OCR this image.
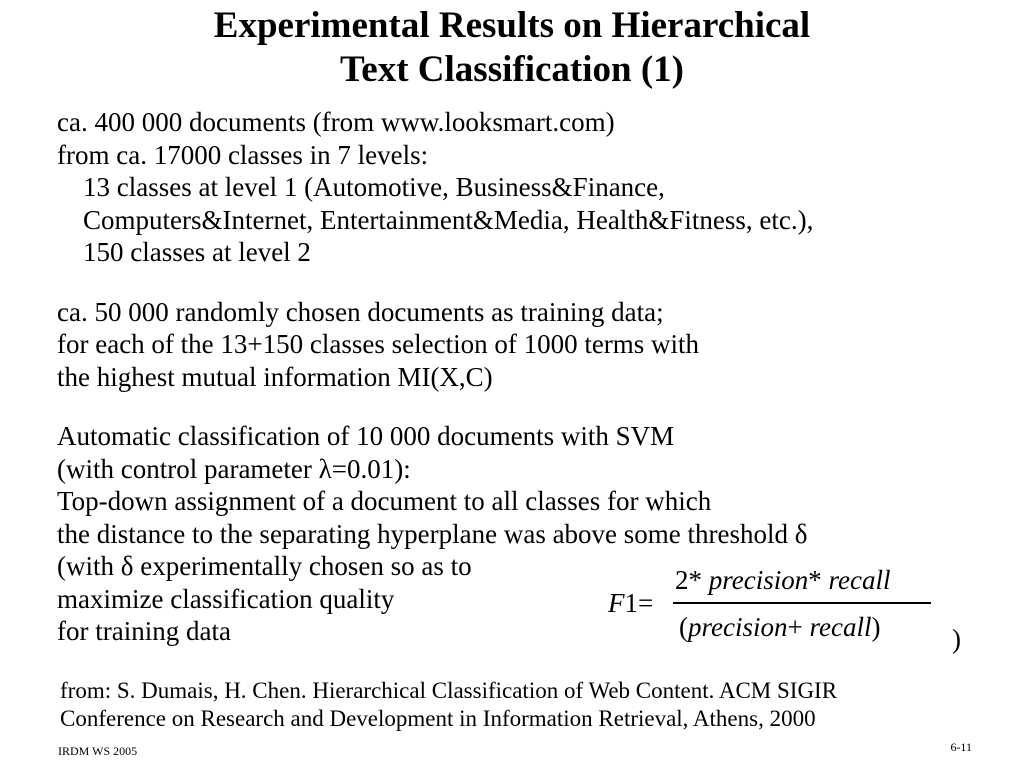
Experimental Results on Hierarchical
Text Classification (1)

ca. 400 000 documents (from www.looksmart.com)

from ca. 17000 classes in 7 levels:

13 classes at level 1 (Automotive, Business&Finance,

Computers&Internet, Entertainment&Media, Health&Fitness, etc.),

150 classes at level 2

ca. 50 000 randomly chosen documents as training data;

for each of the 13+150 classes selection of 1000 terms with

the highest mutual information MI(X,C)

Automatic classification of 10 000 documents with SVM

(with control parameter λ=0.01):

Top-down assignment of a document to all classes for which

the distance to the separating hyperplane was above some threshold δ

(with δ experimentally chosen so as to

maximize classification quality

for training data

F1=
2* precision* recall
(precision+ recall)	)

from: S. Dumais, H. Chen. Hierarchical Classification of Web Content. ACM SIGIR

Conference on Research and Development in Information Retrieval, Athens, 2000

IRDM WS 2005	6-11
